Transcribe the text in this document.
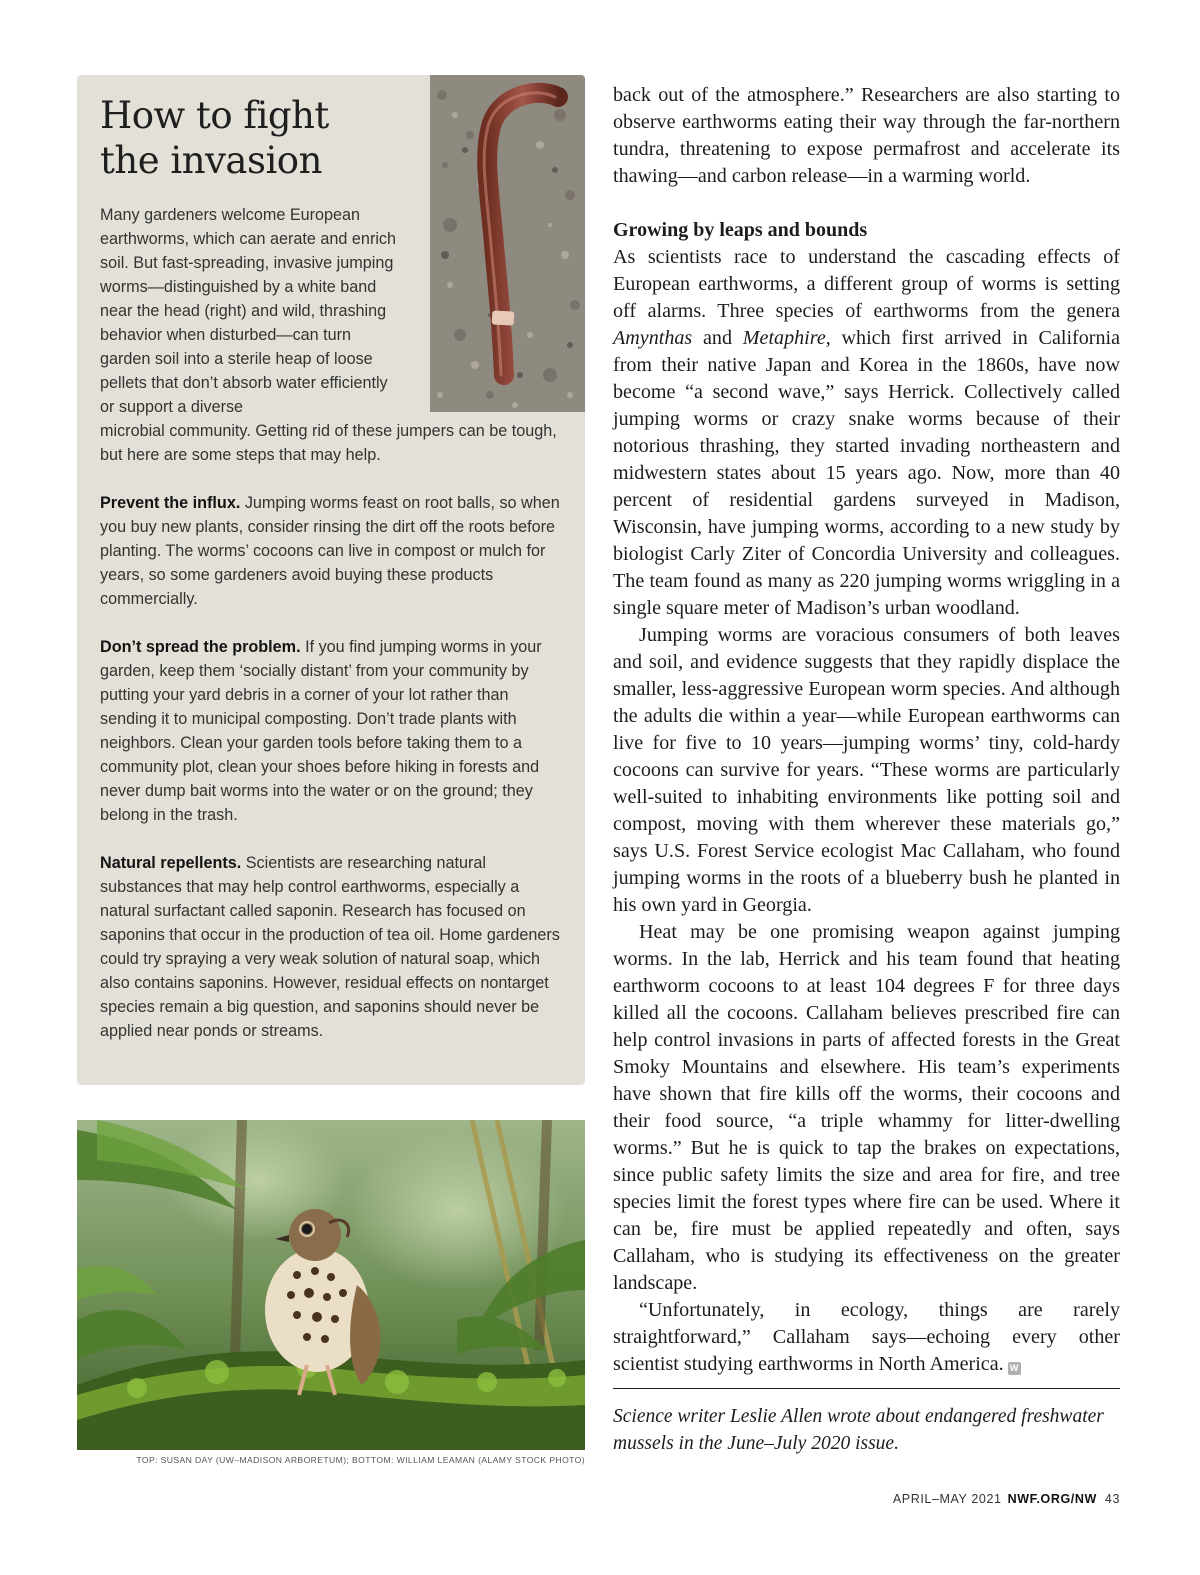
How to fight
the invasion

Many gardeners welcome European earthworms, which can aerate and enrich soil. But fast-spreading, invasive jumping worms—distinguished by a white band near the head (right) and wild, thrashing behavior when disturbed—can turn garden soil into a sterile heap of loose pellets that don’t absorb water efficiently or support a diverse
microbial community. Getting rid of these jumpers can be tough, but here are some steps that may help.

Prevent the influx. Jumping worms feast on root balls, so when you buy new plants, consider rinsing the dirt off the roots before planting. The worms’ cocoons can live in compost or mulch for years, so some gardeners avoid buying these products commercially.

Don’t spread the problem. If you find jumping worms in your garden, keep them ‘socially distant’ from your community by putting your yard debris in a corner of your lot rather than sending it to municipal composting. Don’t trade plants with neighbors. Clean your garden tools before taking them to a community plot, clean your shoes before hiking in forests and never dump bait worms into the water or on the ground; they belong in the trash.

Natural repellents. Scientists are researching natural substances that may help control earthworms, especially a natural surfactant called saponin. Research has focused on saponins that occur in the production of tea oil. Home gardeners could try spraying a very weak solution of natural soap, which also contains saponins. However, residual effects on nontarget species remain a big question, and saponins should never be applied near ponds or streams.

TOP: SUSAN DAY (UW–MADISON ARBORETUM); BOTTOM: WILLIAM LEAMAN (ALAMY STOCK PHOTO)

back out of the atmosphere.” Researchers are also starting to observe earthworms eating their way through the far-northern tundra, threatening to expose permafrost and accelerate its thawing—and carbon release—in a warming world.

Growing by leaps and bounds

As scientists race to understand the cascading effects of European earthworms, a different group of worms is setting off alarms. Three species of earthworms from the genera Amynthas and Metaphire, which first arrived in California from their native Japan and Korea in the 1860s, have now become “a second wave,” says Herrick. Collectively called jumping worms or crazy snake worms because of their notorious thrashing, they started invading northeastern and midwestern states about 15 years ago. Now, more than 40 percent of residential gardens surveyed in Madison, Wisconsin, have jumping worms, according to a new study by biologist Carly Ziter of Concordia University and colleagues. The team found as many as 220 jumping worms wriggling in a single square meter of Madison’s urban woodland.

Jumping worms are voracious consumers of both leaves and soil, and evidence suggests that they rapidly displace the smaller, less-aggressive European worm species. And although the adults die within a year—while European earthworms can live for five to 10 years—jumping worms’ tiny, cold-hardy cocoons can survive for years. “These worms are particularly well-suited to inhabiting environments like potting soil and compost, moving with them wherever these materials go,” says U.S. Forest Service ecologist Mac Callaham, who found jumping worms in the roots of a blueberry bush he planted in his own yard in Georgia.

Heat may be one promising weapon against jumping worms. In the lab, Herrick and his team found that heating earthworm cocoons to at least 104 degrees F for three days killed all the cocoons. Callaham believes prescribed fire can help control invasions in parts of affected forests in the Great Smoky Mountains and elsewhere. His team’s experiments have shown that fire kills off the worms, their cocoons and their food source, “a triple whammy for litter-dwelling worms.” But he is quick to tap the brakes on expectations, since public safety limits the size and area for fire, and tree species limit the forest types where fire can be used. Where it can be, fire must be applied repeatedly and often, says Callaham, who is studying its effectiveness on the greater landscape.

“Unfortunately, in ecology, things are rarely straightforward,” Callaham says—echoing every other scientist studying earthworms in North America. W

Science writer Leslie Allen wrote about endangered freshwater mussels in the June–July 2020 issue.
APRIL–MAY 2021 NWF.ORG/NW 43
